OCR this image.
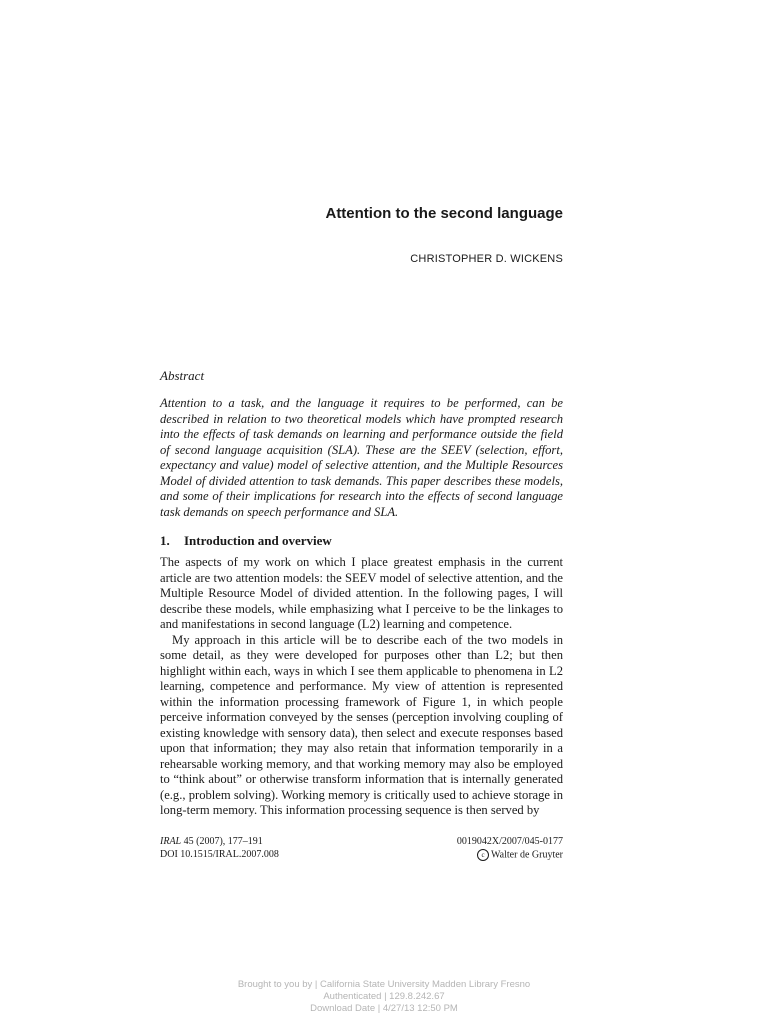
Attention to the second language
CHRISTOPHER D. WICKENS
Abstract

Attention to a task, and the language it requires to be performed, can be described in relation to two theoretical models which have prompted research into the effects of task demands on learning and performance outside the field of second language acquisition (SLA). These are the SEEV (selection, effort, expectancy and value) model of selective attention, and the Multiple Resources Model of divided attention to task demands. This paper describes these models, and some of their implications for research into the effects of second language task demands on speech performance and SLA.

1. Introduction and overview

The aspects of my work on which I place greatest emphasis in the current article are two attention models: the SEEV model of selective attention, and the Multiple Resource Model of divided attention. In the following pages, I will describe these models, while emphasizing what I perceive to be the linkages to and manifestations in second language (L2) learning and competence.

My approach in this article will be to describe each of the two models in some detail, as they were developed for purposes other than L2; but then highlight within each, ways in which I see them applicable to phenomena in L2 learning, competence and performance. My view of attention is represented within the information processing framework of Figure 1, in which people perceive information conveyed by the senses (perception involving coupling of existing knowledge with sensory data), then select and execute responses based upon that information; they may also retain that information temporarily in a rehearsable working memory, and that working memory may also be employed to “think about” or otherwise transform information that is internally generated (e.g., problem solving). Working memory is critically used to achieve storage in long-term memory. This information processing sequence is then served by

IRAL 45 (2007), 177–191	0019042X/2007/045-0177
DOI 10.1515/IRAL.2007.008	c Walter de Gruyter
Brought to you by | California State University Madden Library Fresno
Authenticated | 129.8.242.67
Download Date | 4/27/13 12:50 PM
